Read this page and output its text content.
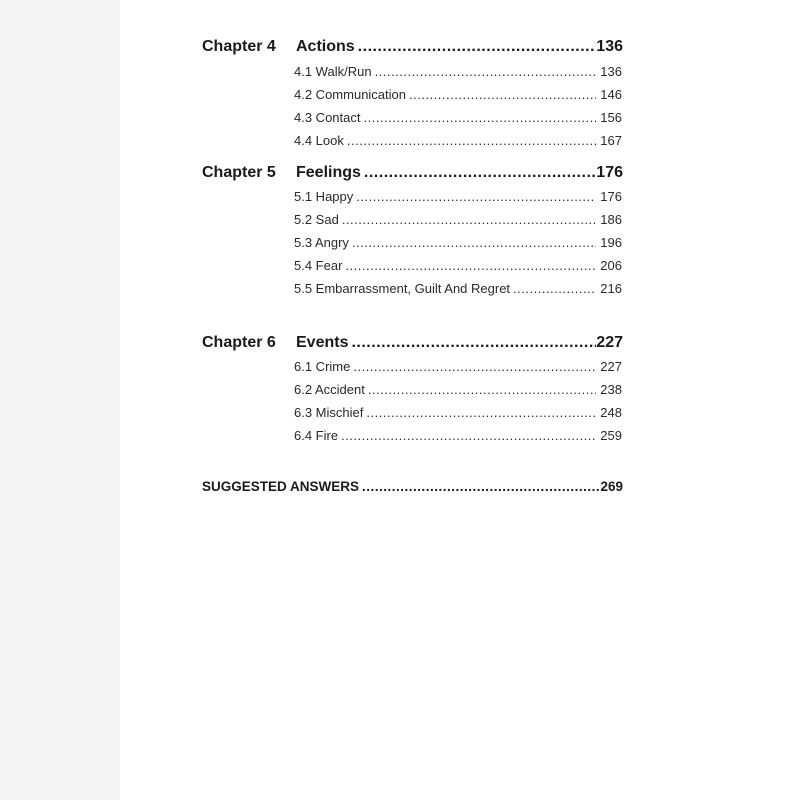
Chapter 4	Actions .....	136
4.1 Walk/Run .....	136
4.2 Communication .....	146
4.3 Contact .....	156
4.4 Look .....	167
Chapter 5	Feelings .....	176
5.1 Happy .....	176
5.2 Sad .....	186
5.3 Angry .....	196
5.4 Fear .....	206
5.5 Embarrassment, Guilt And Regret .....	216
Chapter 6	Events .....	227
6.1 Crime .....	227
6.2 Accident .....	238
6.3 Mischief .....	248
6.4 Fire .....	259
SUGGESTED ANSWERS .....	269
